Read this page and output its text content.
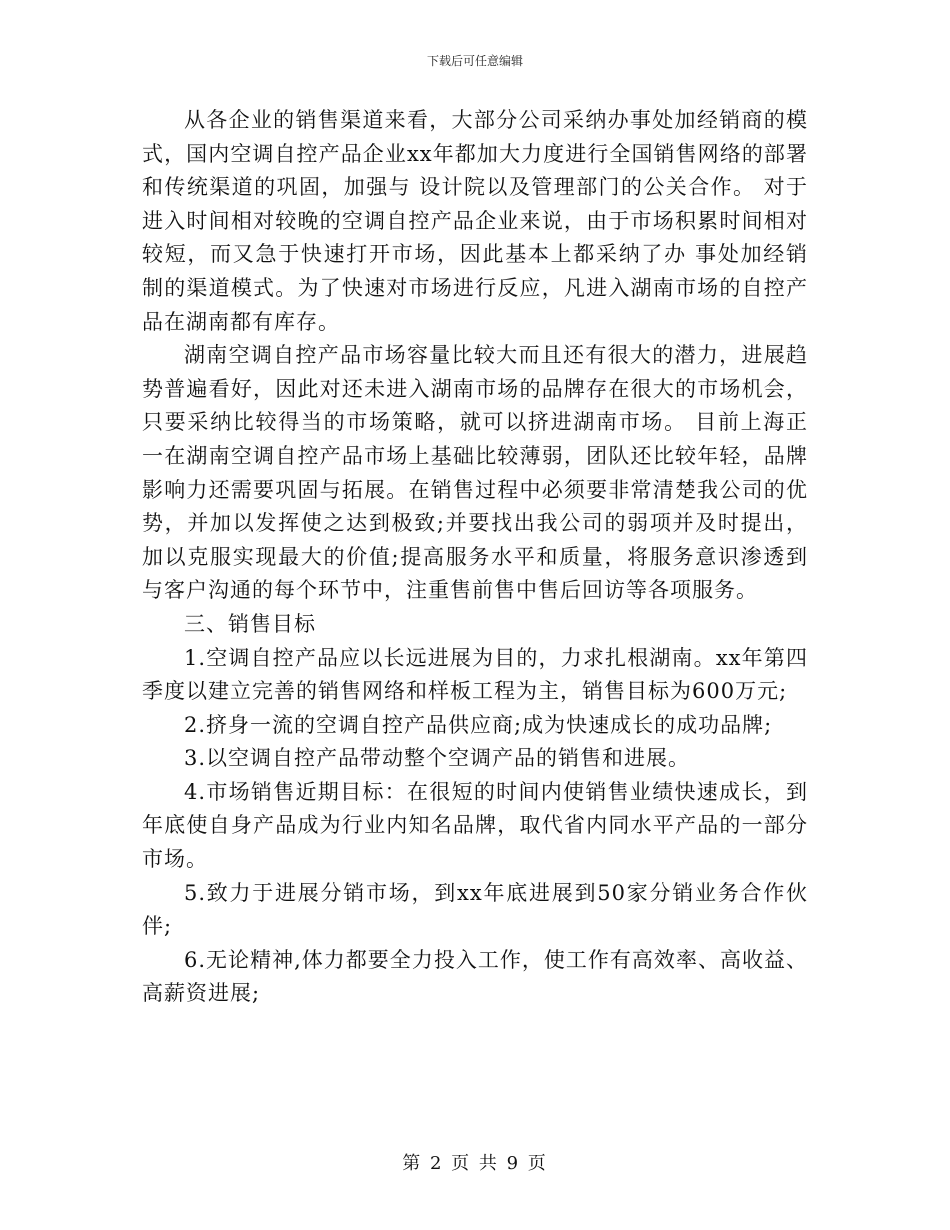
下载后可任意编辑

从各企业的销售渠道来看，大部分公司采纳办事处加经销商的模式，国内空调自控产品企业xx年都加大力度进行全国销售网络的部署和传统渠道的巩固，加强与 设计院以及管理部门的公关合作。 对于进入时间相对较晚的空调自控产品企业来说，由于市场积累时间相对较短，而又急于快速打开市场，因此基本上都采纳了办 事处加经销制的渠道模式。为了快速对市场进行反应，凡进入湖南市场的自控产品在湖南都有库存。

湖南空调自控产品市场容量比较大而且还有很大的潜力，进展趋势普遍看好，因此对还未进入湖南市场的品牌存在很大的市场机会，只要采纳比较得当的市场策略，就可以挤进湖南市场。 目前上海正一在湖南空调自控产品市场上基础比较薄弱，团队还比较年轻，品牌影响力还需要巩固与拓展。在销售过程中必须要非常清楚我公司的优势，并加以发挥使之达到极致;并要找出我公司的弱项并及时提出，加以克服实现最大的价值;提高服务水平和质量，将服务意识渗透到与客户沟通的每个环节中，注重售前售中售后回访等各项服务。

三、销售目标

1.空调自控产品应以长远进展为目的，力求扎根湖南。xx年第四季度以建立完善的销售网络和样板工程为主，销售目标为600万元;

2.挤身一流的空调自控产品供应商;成为快速成长的成功品牌;

3.以空调自控产品带动整个空调产品的销售和进展。

4.市场销售近期目标：在很短的时间内使销售业绩快速成长，到年底使自身产品成为行业内知名品牌，取代省内同水平产品的一部分市场。

5.致力于进展分销市场，到xx年底进展到50家分销业务合作伙伴;

6.无论精神,体力都要全力投入工作，使工作有高效率、高收益、高薪资进展;

第 2 页 共 9 页
